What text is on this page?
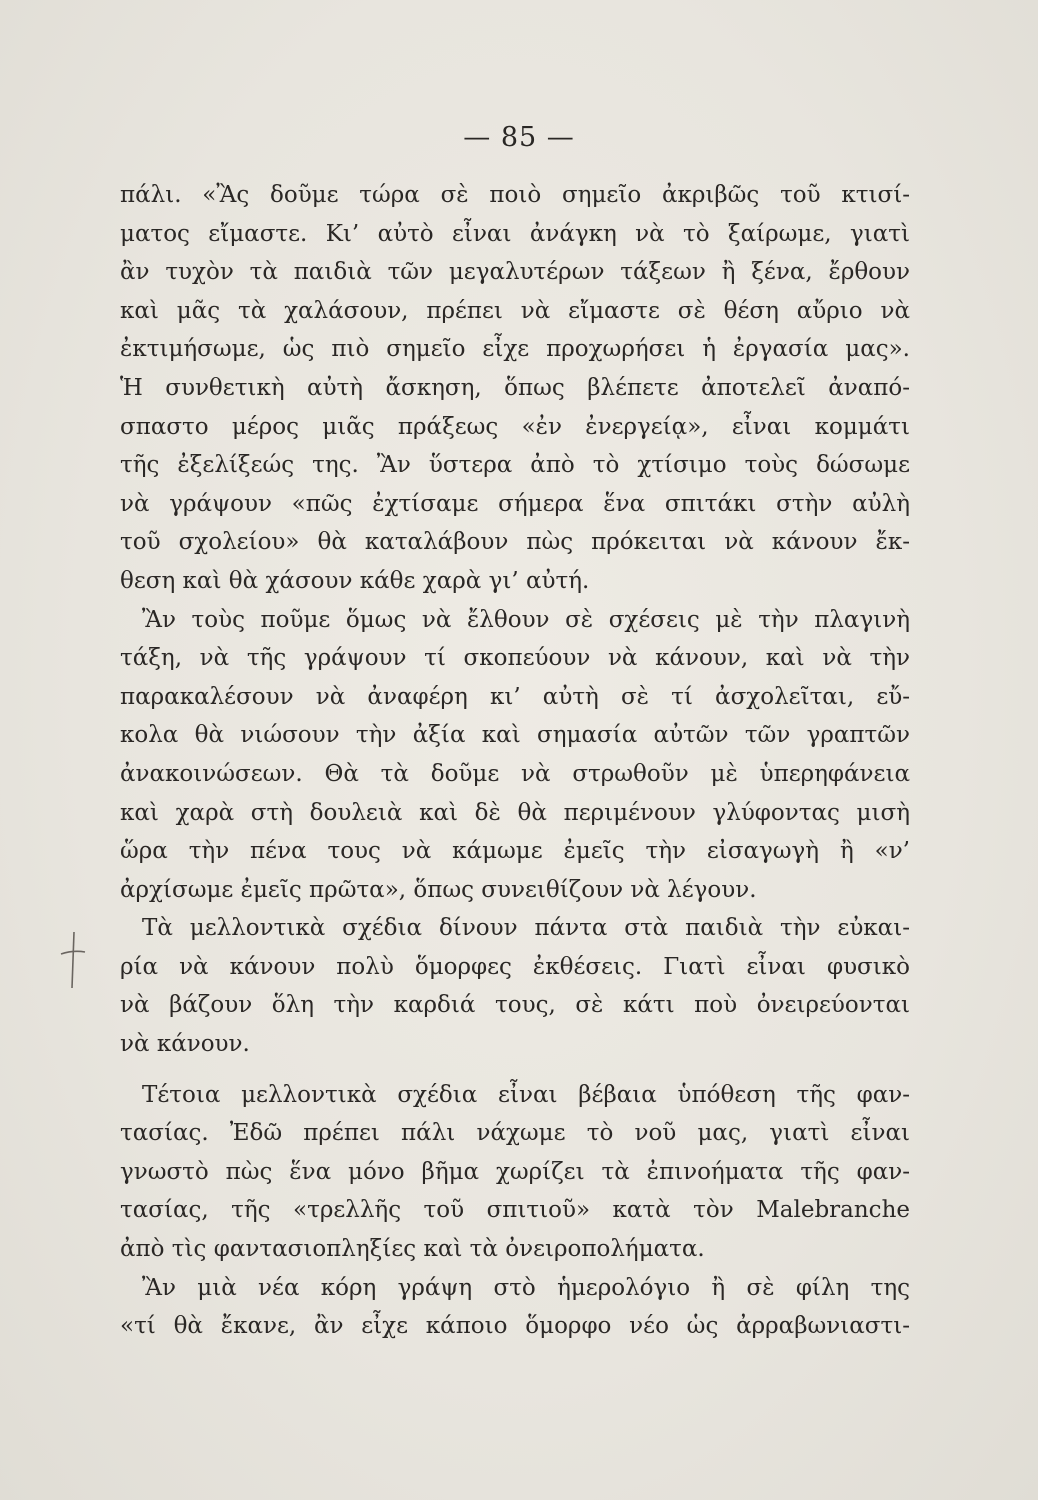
— 85 —
πάλι. «Ἂς δοῦμε τώρα σὲ ποιὸ σημεῖο ἀκριβῶς τοῦ κτισί-
ματος εἴμαστε. Κι’ αὐτὸ εἶναι ἀνάγκη νὰ τὸ ξαίρωμε, γιατὶ
ἂν τυχὸν τὰ παιδιὰ τῶν μεγαλυτέρων τάξεων ἢ ξένα, ἔρθουν
καὶ μᾶς τὰ χαλάσουν, πρέπει νὰ εἴμαστε σὲ θέση αὔριο νὰ
ἐκτιμήσωμε, ὡς πιὸ σημεῖο εἶχε προχωρήσει ἡ ἐργασία μας».
Ἡ συνθετικὴ αὐτὴ ἄσκηση, ὅπως βλέπετε ἀποτελεῖ ἀναπό-
σπαστο μέρος μιᾶς πράξεως «ἐν ἐνεργείᾳ», εἶναι κομμάτι
τῆς ἐξελίξεώς της. Ἂν ὕστερα ἀπὸ τὸ χτίσιμο τοὺς δώσωμε
νὰ γράψουν «πῶς ἐχτίσαμε σήμερα ἕνα σπιτάκι στὴν αὐλὴ
τοῦ σχολείου» θὰ καταλάβουν πὼς πρόκειται νὰ κάνουν ἔκ-
θεση καὶ θὰ χάσουν κάθε χαρὰ γι’ αὐτή.
Ἂν τοὺς ποῦμε ὅμως νὰ ἔλθουν σὲ σχέσεις μὲ τὴν πλαγινὴ
τάξη, νὰ τῆς γράψουν τί σκοπεύουν νὰ κάνουν, καὶ νὰ τὴν
παρακαλέσουν νὰ ἀναφέρη κι’ αὐτὴ σὲ τί ἀσχολεῖται, εὔ-
κολα θὰ νιώσουν τὴν ἀξία καὶ σημασία αὐτῶν τῶν γραπτῶν
ἀνακοινώσεων. Θὰ τὰ δοῦμε νὰ στρωθοῦν μὲ ὑπερηφάνεια
καὶ χαρὰ στὴ δουλειὰ καὶ δὲ θὰ περιμένουν γλύφοντας μισὴ
ὥρα τὴν πένα τους νὰ κάμωμε ἐμεῖς τὴν εἰσαγωγὴ ἢ «ν’
ἀρχίσωμε ἐμεῖς πρῶτα», ὅπως συνειθίζουν νὰ λέγουν.
Τὰ μελλοντικὰ σχέδια δίνουν πάντα στὰ παιδιὰ τὴν εὐκαι-
ρία νὰ κάνουν πολὺ ὅμορφες ἐκθέσεις. Γιατὶ εἶναι φυσικὸ
νὰ βάζουν ὅλη τὴν καρδιά τους, σὲ κάτι ποὺ ὀνειρεύονται
νὰ κάνουν.
Τέτοια μελλοντικὰ σχέδια εἶναι βέβαια ὑπόθεση τῆς φαν-
τασίας. Ἐδῶ πρέπει πάλι νάχωμε τὸ νοῦ μας, γιατὶ εἶναι
γνωστὸ πὼς ἕνα μόνο βῆμα χωρίζει τὰ ἐπινοήματα τῆς φαν-
τασίας, τῆς «τρελλῆς τοῦ σπιτιοῦ» κατὰ τὸν Malebranche
ἀπὸ τὶς φαντασιοπληξίες καὶ τὰ ὀνειροπολήματα.
Ἂν μιὰ νέα κόρη γράψη στὸ ἡμερολόγιο ἢ σὲ φίλη της
«τί θὰ ἔκανε, ἂν εἶχε κάποιο ὅμορφο νέο ὡς ἀρραβωνιαστι-
